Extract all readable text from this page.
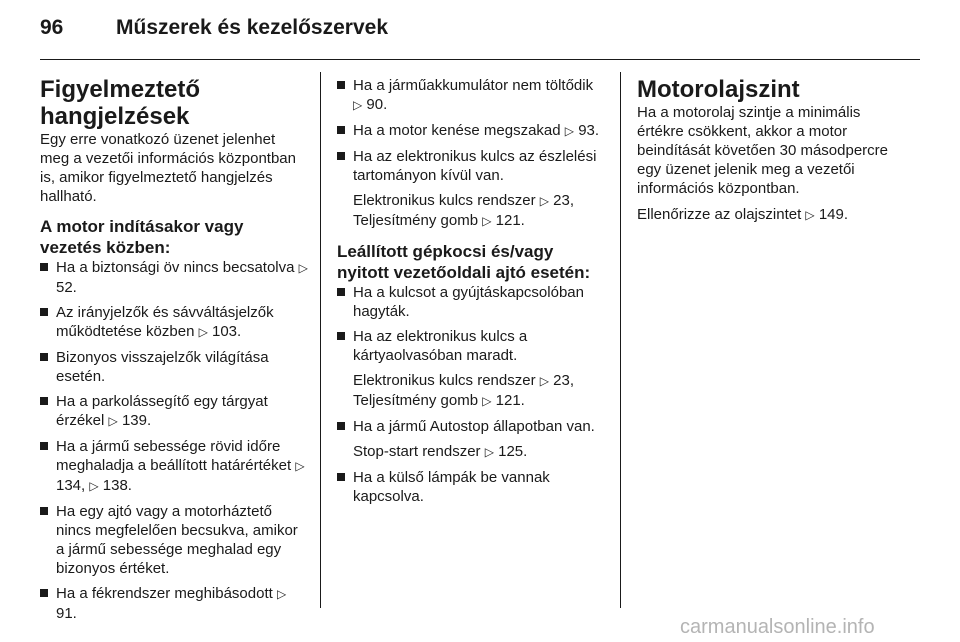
96	Műszerek és kezelőszervek
Figyelmeztető
hangjelzések

Egy erre vonatkozó üzenet jelenhet meg a vezetői információs központban is, amikor figyelmeztető hangjelzés hallható.

A motor indításakor vagy
vezetés közben:
Ha a biztonsági öv nincs becsatolva ▷ 52.
Az irányjelzők és sávváltásjelzők működtetése közben ▷ 103.
Bizonyos visszajelzők világítása esetén.
Ha a parkolássegítő egy tárgyat érzékel ▷ 139.
Ha a jármű sebessége rövid időre meghaladja a beállított határértéket ▷ 134, ▷ 138.
Ha egy ajtó vagy a motorháztető nincs megfelelően becsukva, amikor a jármű sebessége meghalad egy bizonyos értéket.
Ha a fékrendszer meghibásodott ▷ 91.
Ha a járműakkumulátor nem töltődik ▷ 90.
Ha a motor kenése megszakad ▷ 93.
Ha az elektronikus kulcs az észlelési tartományon kívül van.
Elektronikus kulcs rendszer ▷ 23, Teljesítmény gomb ▷ 121.
Leállított gépkocsi és/vagy
nyitott vezetőoldali ajtó esetén:
Ha a kulcsot a gyújtáskapcsolóban hagyták.
Ha az elektronikus kulcs a kártyaolvasóban maradt.
Elektronikus kulcs rendszer ▷ 23, Teljesítmény gomb ▷ 121.
Ha a jármű Autostop állapotban van.
Stop-start rendszer ▷ 125.
Ha a külső lámpák be vannak kapcsolva.
Motorolajszint

Ha a motorolaj szintje a minimális értékre csökkent, akkor a motor beindítását követően 30 másodpercre egy üzenet jelenik meg a vezetői információs központban.

Ellenőrizze az olajszintet ▷ 149.

carmanualsonline.info
